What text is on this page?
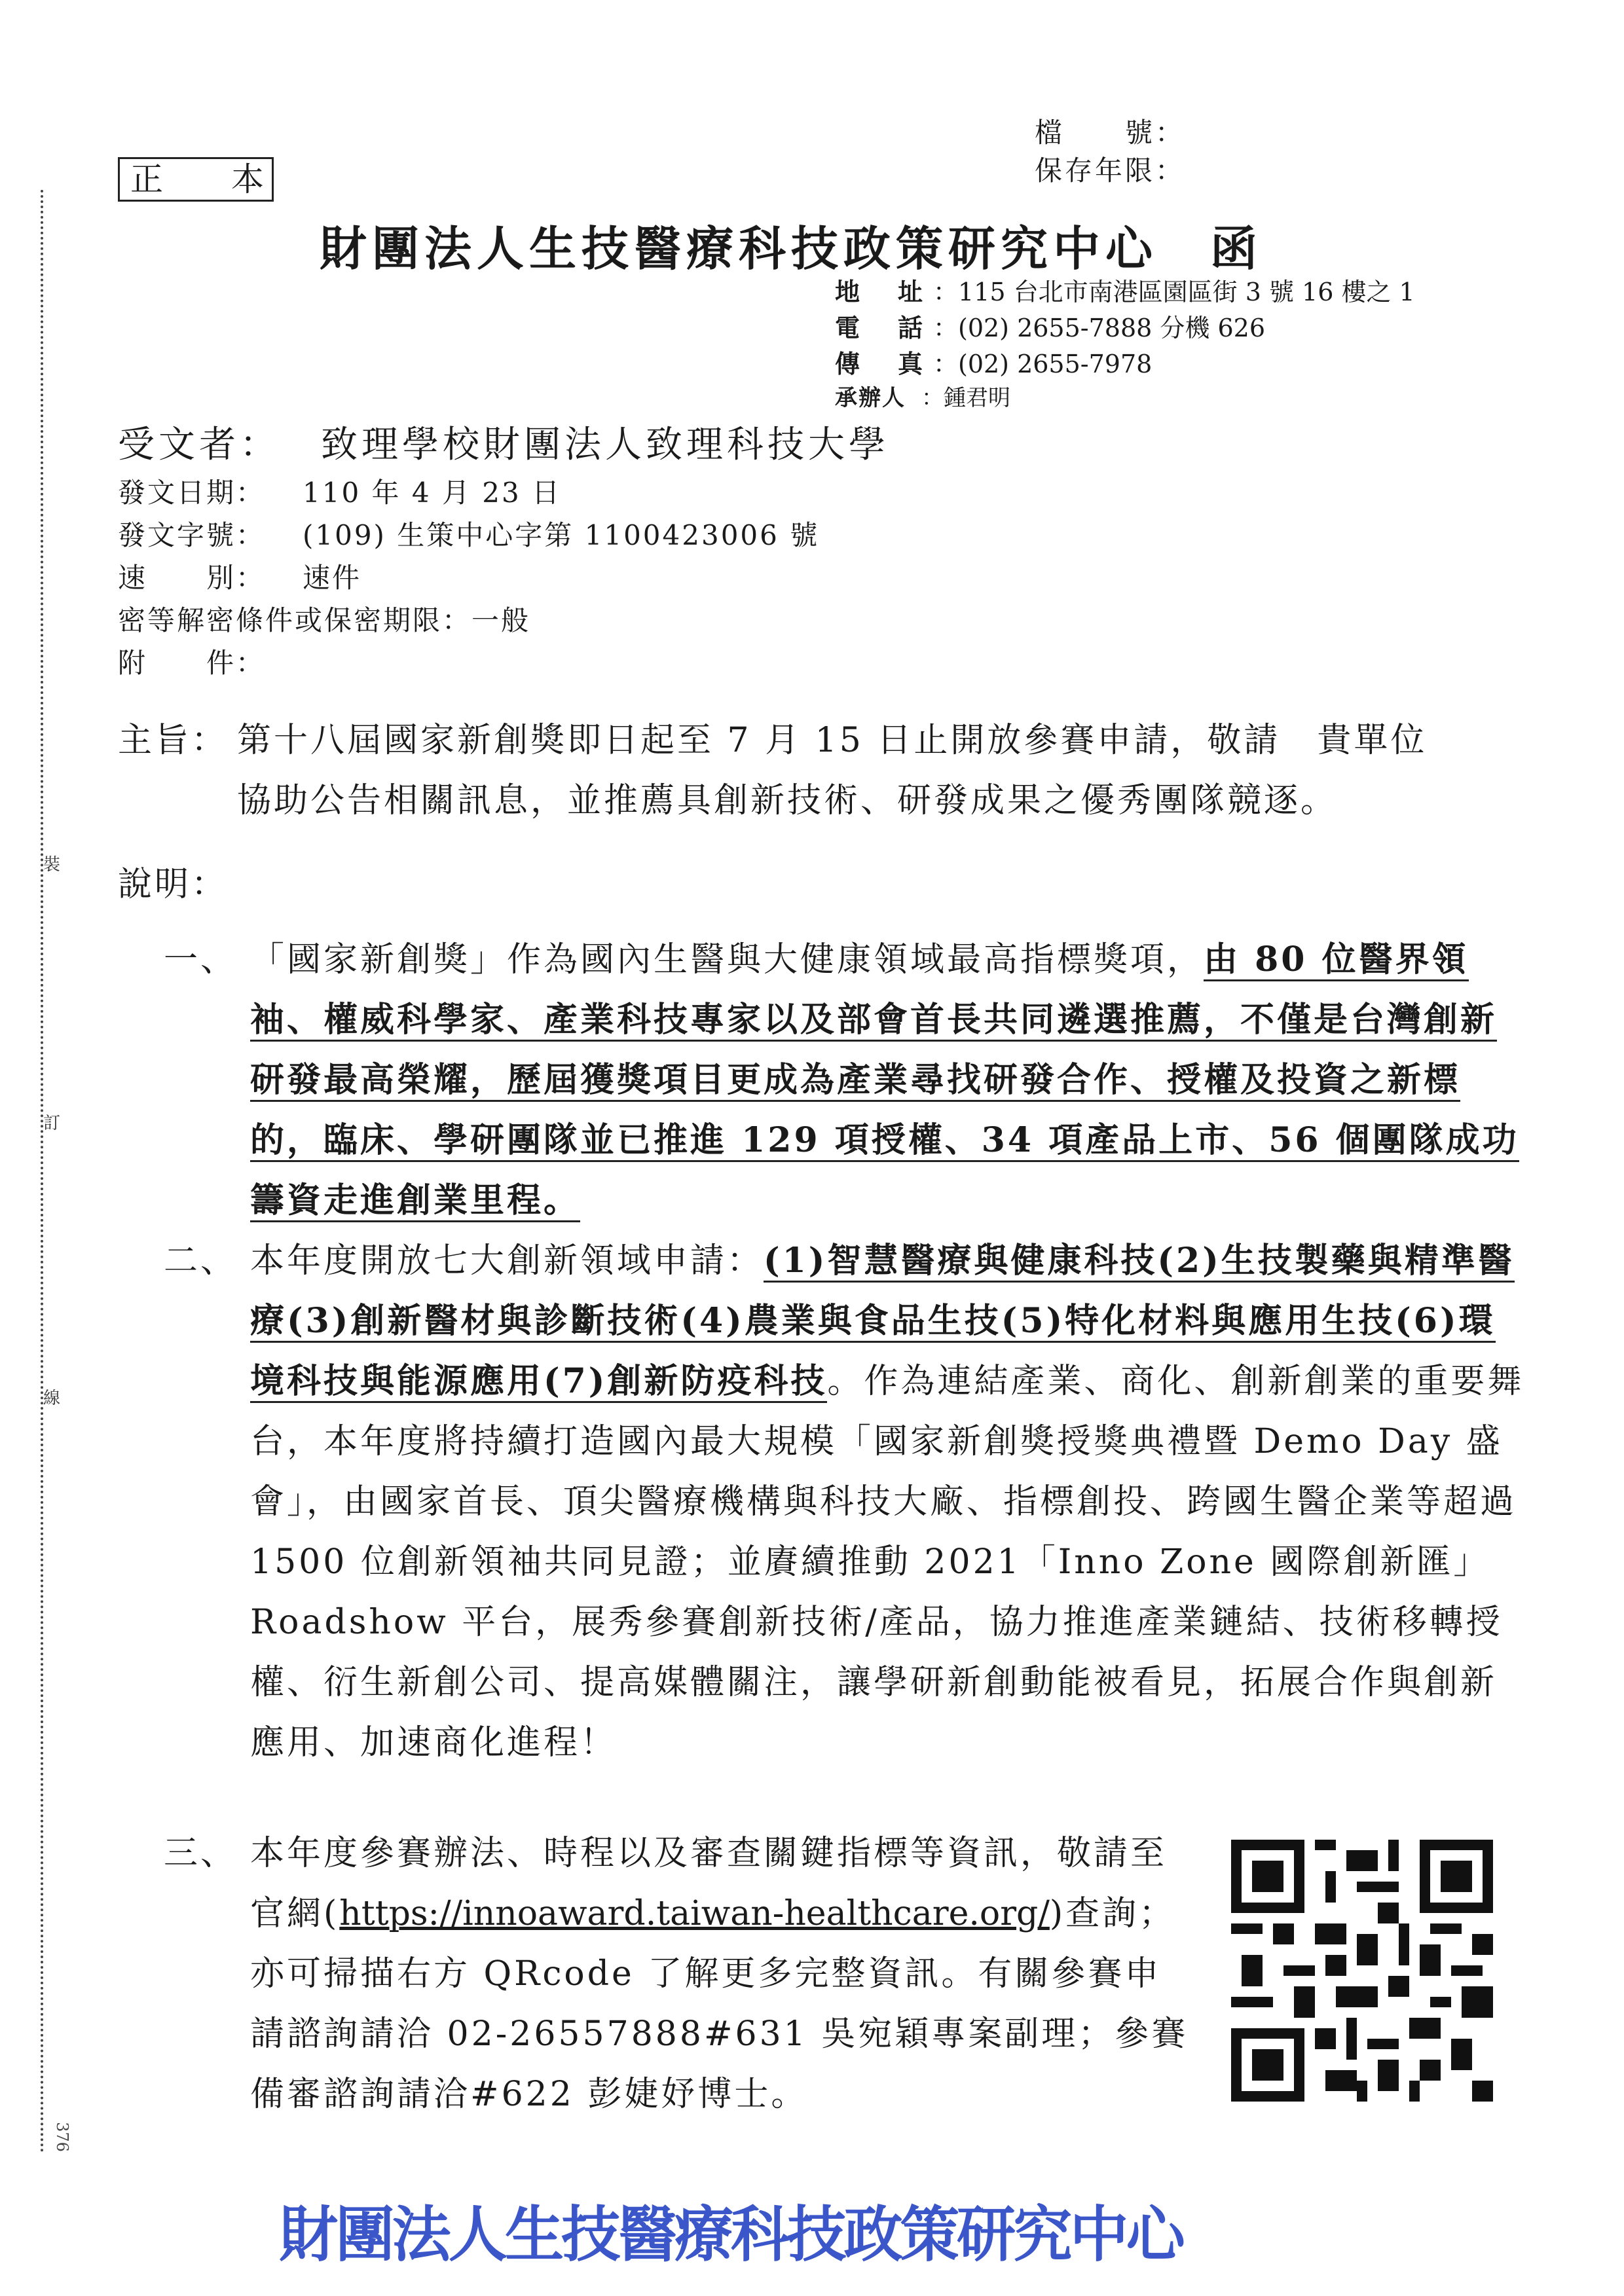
裝
訂
線
376
檔　　號：
保存年限：
正 本
財團法人生技醫療科技政策研究中心　函
地　址 ：115 台北市南港區園區街 3 號 16 樓之 1
電　話 ：(02) 2655-7888 分機 626
傳　真 ：(02) 2655-7978
承辦人 ：鍾君明
受文者： 致理學校財團法人致理科技大學
發文日期： 110 年 4 月 23 日
發文字號： (109) 生策中心字第 1100423006 號
速　　別： 速件
密等解密條件或保密期限：一般
附　　件：
主旨： 第十八屆國家新創獎即日起至 7 月 15 日止開放參賽申請，敬請　貴單位
協助公告相關訊息，並推薦具創新技術、研發成果之優秀團隊競逐。
說明：
一、 「國家新創獎」作為國內生醫與大健康領域最高指標獎項，由 80 位醫界領袖、權威科學家、產業科技專家以及部會首長共同遴選推薦，不僅是台灣創新研發最高榮耀，歷屆獲獎項目更成為產業尋找研發合作、授權及投資之新標的，臨床、學研團隊並已推進 129 項授權、34 項產品上市、56 個團隊成功籌資走進創業里程。
二、 本年度開放七大創新領域申請：(1)智慧醫療與健康科技(2)生技製藥與精準醫療(3)創新醫材與診斷技術(4)農業與食品生技(5)特化材料與應用生技(6)環境科技與能源應用(7)創新防疫科技。作為連結產業、商化、創新創業的重要舞台，本年度將持續打造國內最大規模「國家新創獎授獎典禮暨 Demo Day 盛會」，由國家首長、頂尖醫療機構與科技大廠、指標創投、跨國生醫企業等超過 1500 位創新領袖共同見證；並賡續推動 2021「Inno Zone 國際創新匯」Roadshow 平台，展秀參賽創新技術/產品，協力推進產業鏈結、技術移轉授權、衍生新創公司、提高媒體關注，讓學研新創動能被看見，拓展合作與創新應用、加速商化進程！
三、 本年度參賽辦法、時程以及審查關鍵指標等資訊，敬請至官網(https://innoaward.taiwan-healthcare.org/)查詢；亦可掃描右方 QRcode 了解更多完整資訊。有關參賽申請諮詢請洽 02-26557888#631 吳宛穎專案副理；參賽備審諮詢請洽#622 彭婕妤博士。
財團法人生技醫療科技政策研究中心
